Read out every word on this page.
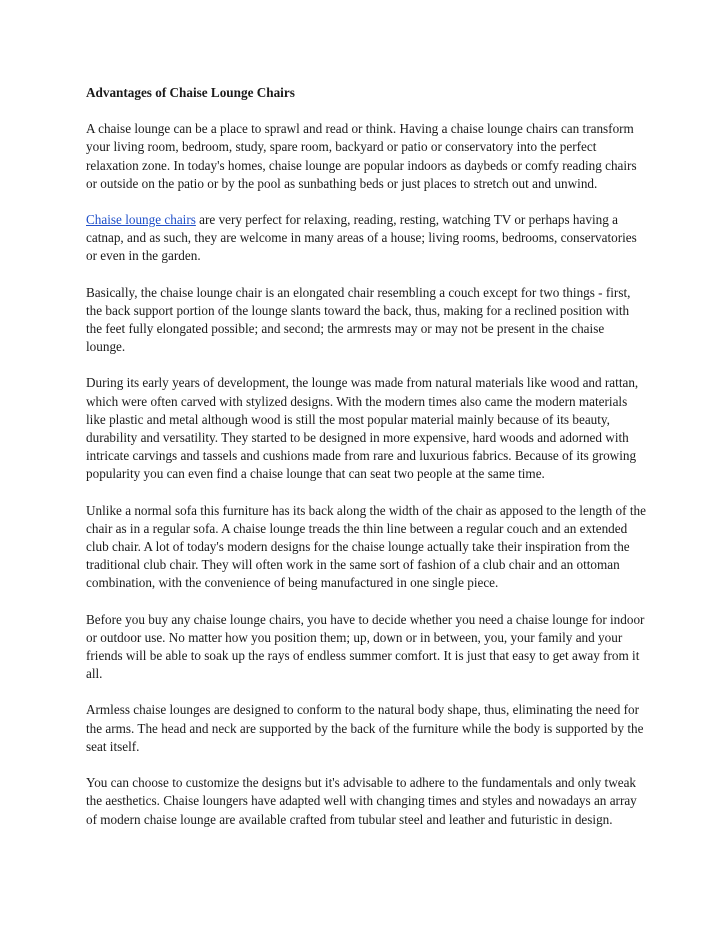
Advantages of Chaise Lounge Chairs

A chaise lounge can be a place to sprawl and read or think. Having a chaise lounge chairs can transform your living room, bedroom, study, spare room, backyard or patio or conservatory into the perfect relaxation zone. In today's homes, chaise lounge are popular indoors as daybeds or comfy reading chairs or outside on the patio or by the pool as sunbathing beds or just places to stretch out and unwind.

Chaise lounge chairs are very perfect for relaxing, reading, resting, watching TV or perhaps having a catnap, and as such, they are welcome in many areas of a house; living rooms, bedrooms, conservatories or even in the garden.

Basically, the chaise lounge chair is an elongated chair resembling a couch except for two things - first, the back support portion of the lounge slants toward the back, thus, making for a reclined position with the feet fully elongated possible; and second; the armrests may or may not be present in the chaise lounge.

During its early years of development, the lounge was made from natural materials like wood and rattan, which were often carved with stylized designs. With the modern times also came the modern materials like plastic and metal although wood is still the most popular material mainly because of its beauty, durability and versatility. They started to be designed in more expensive, hard woods and adorned with intricate carvings and tassels and cushions made from rare and luxurious fabrics. Because of its growing popularity you can even find a chaise lounge that can seat two people at the same time.

Unlike a normal sofa this furniture has its back along the width of the chair as apposed to the length of the chair as in a regular sofa. A chaise lounge treads the thin line between a regular couch and an extended club chair. A lot of today's modern designs for the chaise lounge actually take their inspiration from the traditional club chair. They will often work in the same sort of fashion of a club chair and an ottoman combination, with the convenience of being manufactured in one single piece.

Before you buy any chaise lounge chairs, you have to decide whether you need a chaise lounge for indoor or outdoor use. No matter how you position them; up, down or in between, you, your family and your friends will be able to soak up the rays of endless summer comfort. It is just that easy to get away from it all.

Armless chaise lounges are designed to conform to the natural body shape, thus, eliminating the need for the arms. The head and neck are supported by the back of the furniture while the body is supported by the seat itself.

You can choose to customize the designs but it's advisable to adhere to the fundamentals and only tweak the aesthetics. Chaise loungers have adapted well with changing times and styles and nowadays an array of modern chaise lounge are available crafted from tubular steel and leather and futuristic in design.
